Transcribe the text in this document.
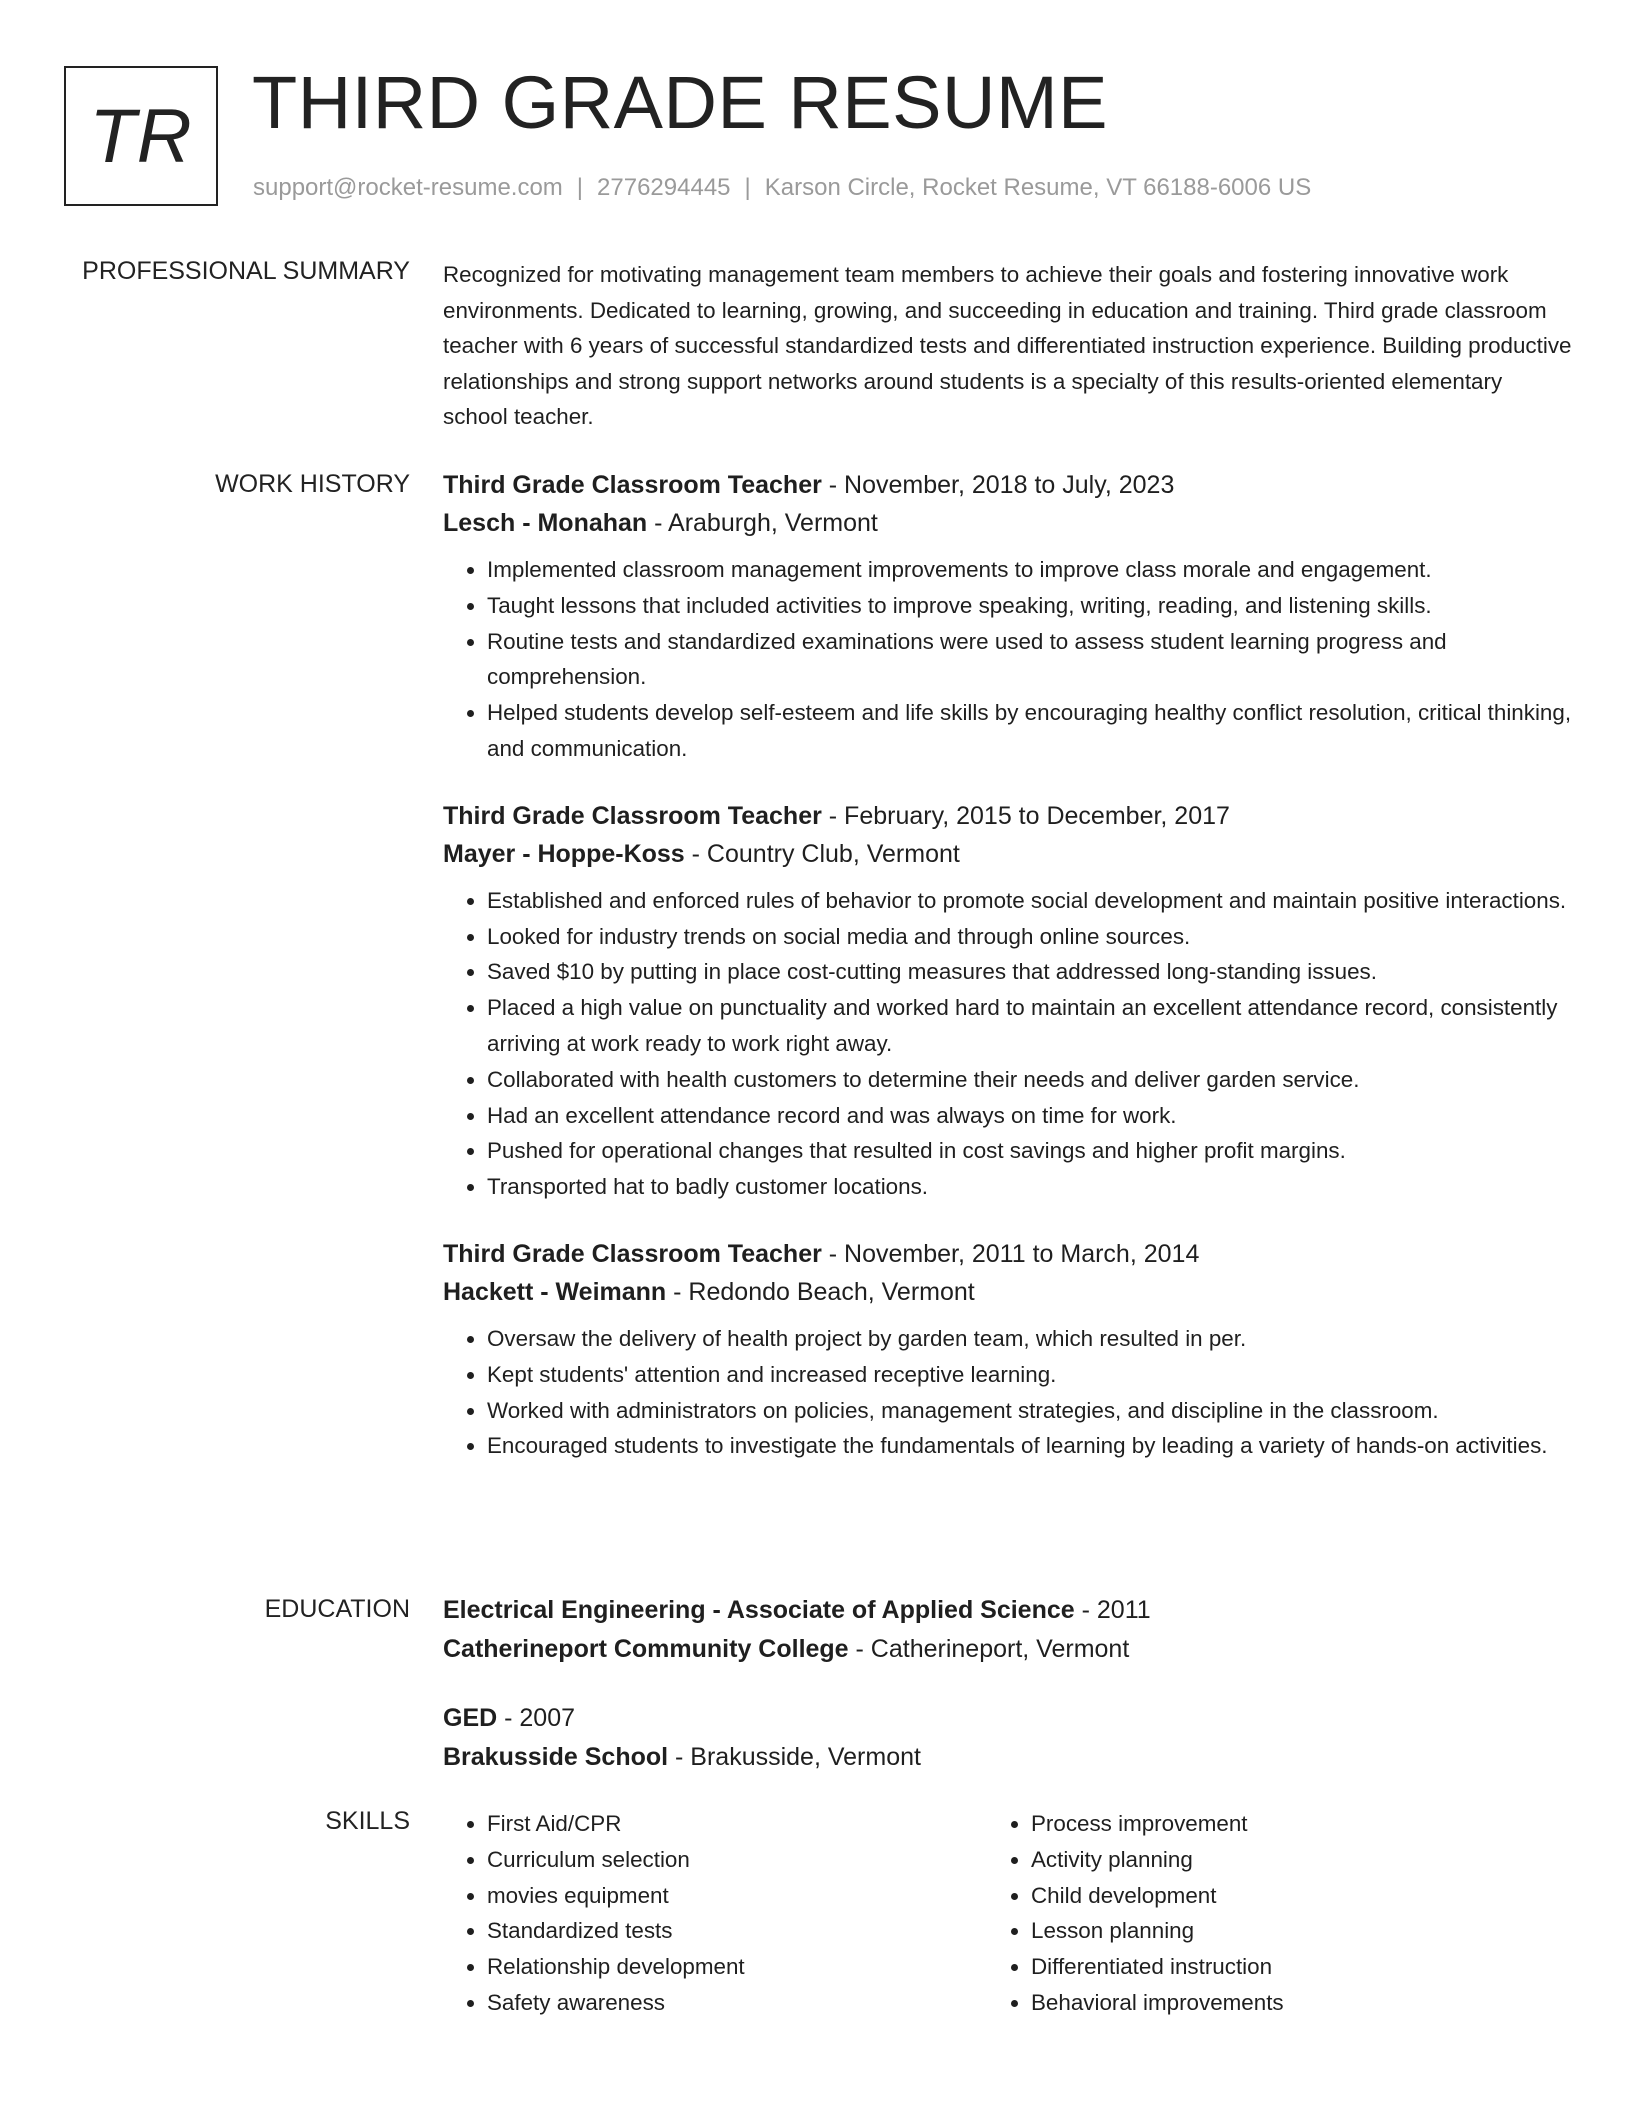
TR THIRD GRADE RESUME
support@rocket-resume.com | 2776294445 | Karson Circle, Rocket Resume, VT 66188-6006 US
PROFESSIONAL SUMMARY Recognized for motivating management team members to achieve their goals and fostering innovative work environments. Dedicated to learning, growing, and succeeding in education and training. Third grade classroom teacher with 6 years of successful standardized tests and differentiated instruction experience. Building productive relationships and strong support networks around students is a specialty of this results-oriented elementary school teacher.

WORK HISTORY Third Grade Classroom Teacher - November, 2018 to July, 2023

Lesch - Monahan - Araburgh, Vermont

• Implemented classroom management improvements to improve class morale and engagement.
• Taught lessons that included activities to improve speaking, writing, reading, and listening skills.
• Routine tests and standardized examinations were used to assess student learning progress and comprehension.
• Helped students develop self-esteem and life skills by encouraging healthy conflict resolution, critical thinking, and communication.

Third Grade Classroom Teacher - February, 2015 to December, 2017

Mayer - Hoppe-Koss - Country Club, Vermont

• Established and enforced rules of behavior to promote social development and maintain positive interactions.
• Looked for industry trends on social media and through online sources.
• Saved $10 by putting in place cost-cutting measures that addressed long-standing issues.
• Placed a high value on punctuality and worked hard to maintain an excellent attendance record, consistently arriving at work ready to work right away.
• Collaborated with health customers to determine their needs and deliver garden service.
• Had an excellent attendance record and was always on time for work.
• Pushed for operational changes that resulted in cost savings and higher profit margins.
• Transported hat to badly customer locations.

Third Grade Classroom Teacher - November, 2011 to March, 2014

Hackett - Weimann - Redondo Beach, Vermont

• Oversaw the delivery of health project by garden team, which resulted in per.
• Kept students' attention and increased receptive learning.
• Worked with administrators on policies, management strategies, and discipline in the classroom.
• Encouraged students to investigate the fundamentals of learning by leading a variety of hands-on activities.
EDUCATION Electrical Engineering - Associate of Applied Science - 2011

Catherineport Community College - Catherineport, Vermont

GED - 2007

Brakusside School - Brakusside, Vermont

SKILLS
•	First Aid/CPR
• Curriculum selection
• movies equipment
• Standardized tests
• Relationship development
• Safety awareness
• Process improvement
• Activity planning
• Child development
• Lesson planning
• Differentiated instruction
• Behavioral improvements
